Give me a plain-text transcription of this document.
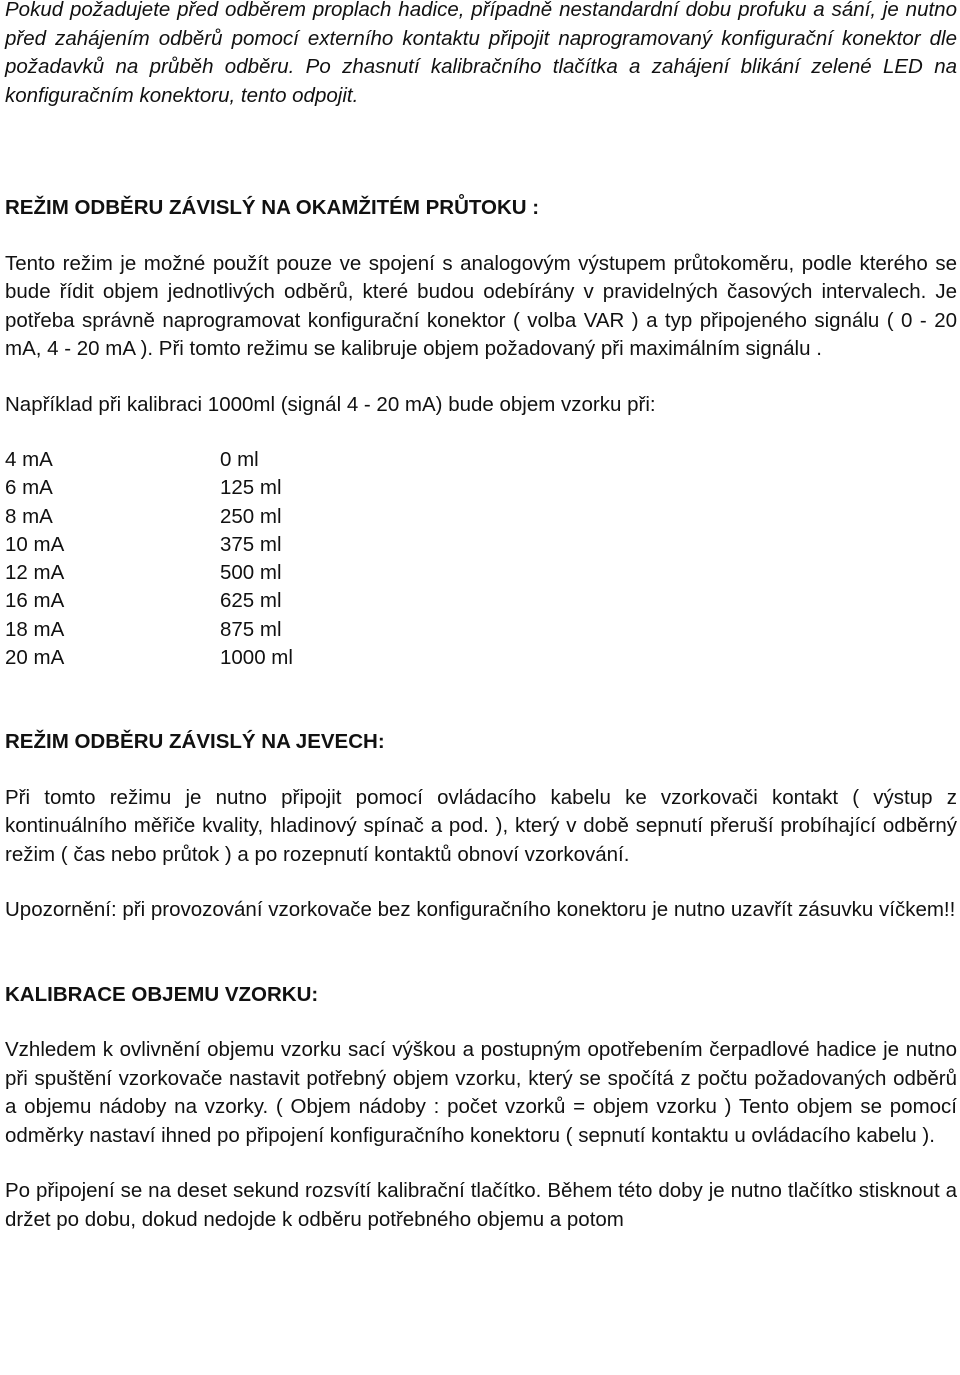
Pokud požadujete před odběrem proplach hadice, případně nestandardní dobu profuku a sání, je nutno před zahájením odběrů pomocí externího kontaktu připojit naprogramovaný konfigurační konektor dle požadavků na průběh odběru. Po zhasnutí kalibračního tlačítka a zahájení blikání zelené LED na konfiguračním konektoru, tento odpojit.

REŽIM ODBĚRU ZÁVISLÝ NA OKAMŽITÉM PRŮTOKU :

Tento režim je možné použít pouze ve spojení s analogovým výstupem průtokoměru, podle kterého se bude řídit objem jednotlivých odběrů, které budou odebírány v pravidelných časových intervalech. Je potřeba správně naprogramovat konfigurační konektor ( volba VAR ) a typ připojeného signálu ( 0 - 20 mA, 4 - 20 mA ). Při tomto režimu se kalibruje objem požadovaný při maximálním signálu .

Například při kalibraci 1000ml (signál 4 - 20 mA) bude objem vzorku při:

4 mA	0 ml
6 mA	125 ml
8 mA	250 ml
10 mA	375 ml
12 mA	500 ml
16 mA	625 ml
18 mA	875 ml
20 mA	1000 ml

REŽIM ODBĚRU ZÁVISLÝ NA JEVECH:

Při tomto režimu je nutno připojit pomocí ovládacího kabelu ke vzorkovači kontakt ( výstup z kontinuálního měřiče kvality, hladinový spínač a pod. ), který v době sepnutí přeruší probíhající odběrný režim ( čas nebo průtok ) a po rozepnutí kontaktů obnoví vzorkování.

Upozornění: při provozování vzorkovače bez konfiguračního konektoru je nutno uzavřít zásuvku víčkem!!

KALIBRACE OBJEMU VZORKU:

Vzhledem k ovlivnění objemu vzorku sací výškou a postupným opotřebením čerpadlové hadice je nutno při spuštění vzorkovače nastavit potřebný objem vzorku, který se spočítá z počtu požadovaných odběrů a objemu nádoby na vzorky. ( Objem nádoby : počet vzorků = objem vzorku ) Tento objem se pomocí odměrky nastaví ihned po připojení konfiguračního konektoru ( sepnutí kontaktu u ovládacího kabelu ).

Po připojení se na deset sekund rozsvítí kalibrační tlačítko. Během této doby je nutno tlačítko stisknout a držet po dobu, dokud nedojde k odběru potřebného objemu a potom
